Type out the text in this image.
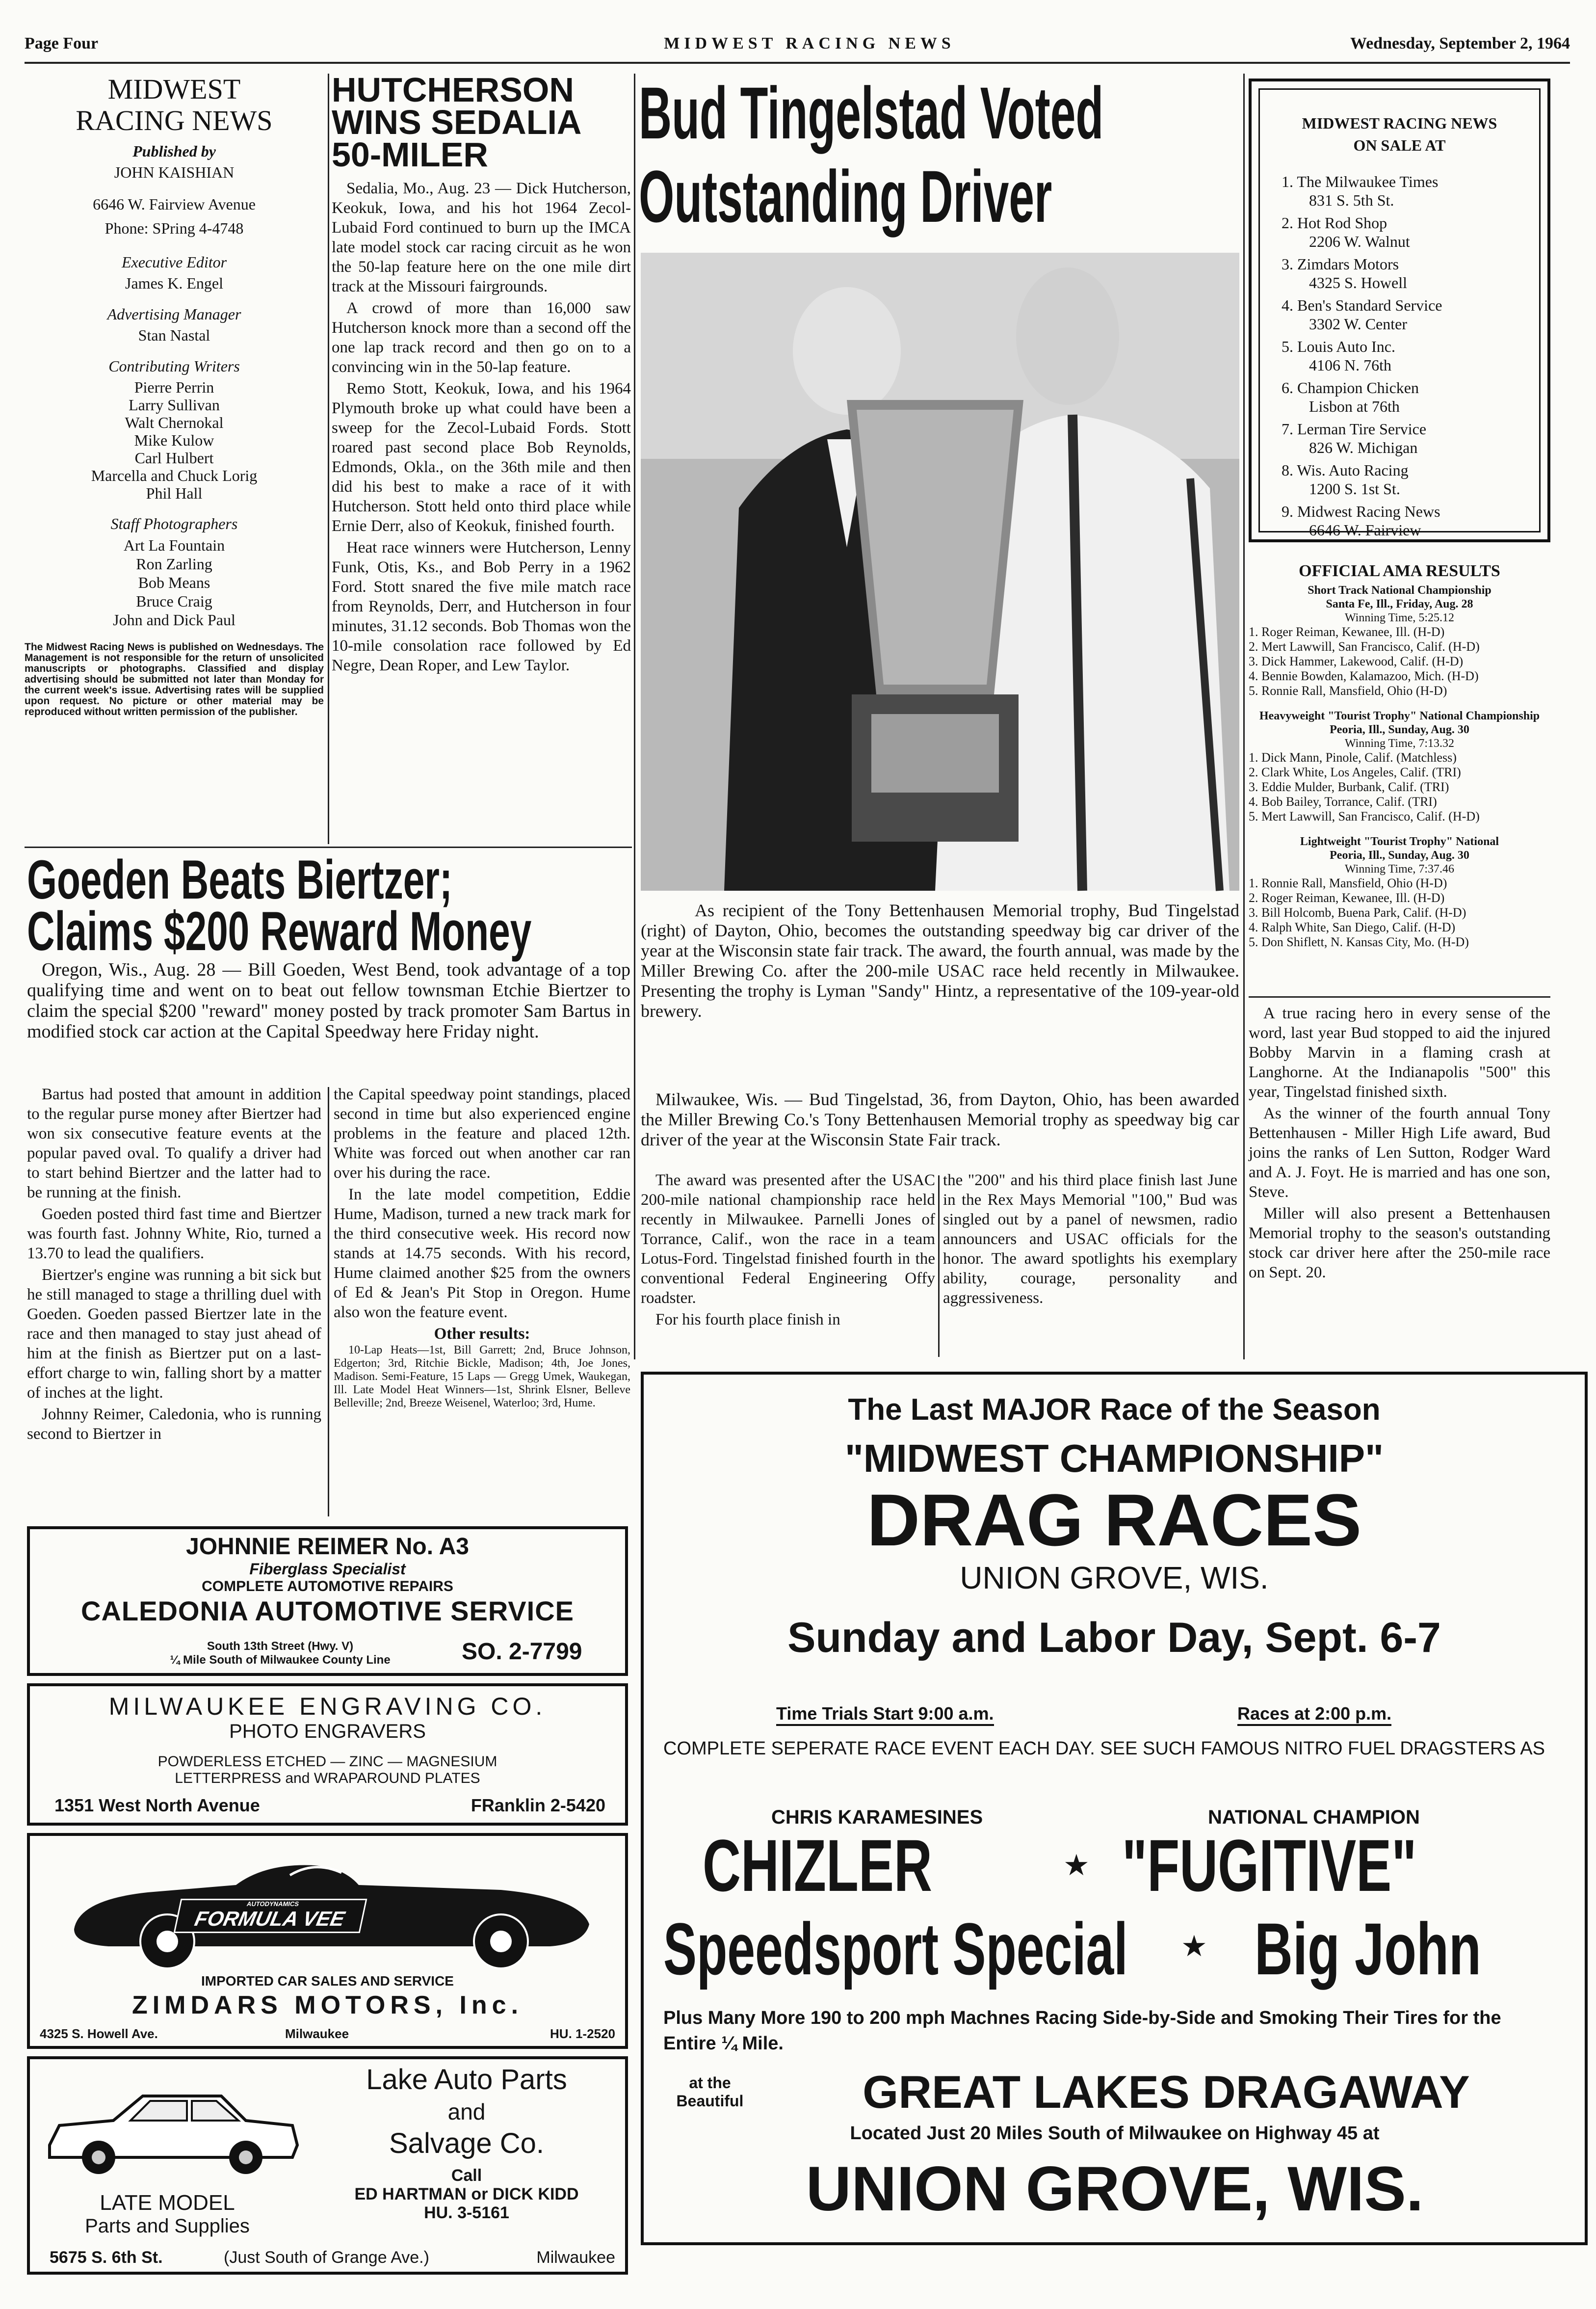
Page Four	MIDWEST RACING NEWS	Wednesday, September 2, 1964
MIDWEST
RACING NEWS
Published by
JOHN KAISHIAN
6646 W. Fairview Avenue
Phone: SPring 4-4748
Executive Editor
James K. Engel
Advertising Manager
Stan Nastal
Contributing Writers
Pierre Perrin
Larry Sullivan
Walt Chernokal
Mike Kulow
Carl Hulbert
Marcella and Chuck Lorig
Phil Hall
Staff Photographers
Art La Fountain
Ron Zarling
Bob Means
Bruce Craig
John and Dick Paul
The Midwest Racing News is published on Wednesdays. The Management is not responsible for the return of unsolicited manuscripts or photographs. Classified and display advertising should be submitted not later than Monday for the current week's issue. Advertising rates will be supplied upon request. No picture or other material may be reproduced without written permission of the publisher.
HUTCHERSON
WINS SEDALIA
50-MILER

Sedalia, Mo., Aug. 23 — Dick Hutcherson, Keokuk, Iowa, and his hot 1964 Zecol-Lubaid Ford continued to burn up the IMCA late model stock car racing circuit as he won the 50-lap feature here on the one mile dirt track at the Missouri fairgrounds.

A crowd of more than 16,000 saw Hutcherson knock more than a second off the one lap track record and then go on to a convincing win in the 50-lap feature.

Remo Stott, Keokuk, Iowa, and his 1964 Plymouth broke up what could have been a sweep for the Zecol-Lubaid Fords. Stott roared past second place Bob Reynolds, Edmonds, Okla., on the 36th mile and then did his best to make a race of it with Hutcherson. Stott held onto third place while Ernie Derr, also of Keokuk, finished fourth.

Heat race winners were Hutcherson, Lenny Funk, Otis, Ks., and Bob Perry in a 1962 Ford. Stott snared the five mile match race from Reynolds, Derr, and Hutcherson in four minutes, 31.12 seconds. Bob Thomas won the 10-mile consolation race followed by Ed Negre, Dean Roper, and Lew Taylor.

Bud Tingelstad Voted
Outstanding Driver

As recipient of the Tony Bettenhausen Memorial trophy, Bud Tingelstad (right) of Dayton, Ohio, becomes the outstanding speedway big car driver of the year at the Wisconsin state fair track. The award, the fourth annual, was made by the Miller Brewing Co. after the 200-mile USAC race held recently in Milwaukee. Presenting the trophy is Lyman "Sandy" Hintz, a representative of the 109-year-old brewery.

Milwaukee, Wis. — Bud Tingelstad, 36, from Dayton, Ohio, has been awarded the Miller Brewing Co.'s Tony Bettenhausen Memorial trophy as speedway big car driver of the year at the Wisconsin State Fair track.

The award was presented after the USAC 200-mile national championship race held recently in Milwaukee. Parnelli Jones of Torrance, Calif., won the race in a team Lotus-Ford. Tingelstad finished fourth in the conventional Federal Engineering Offy roadster.

For his fourth place finish in

the "200" and his third place finish last June in the Rex Mays Memorial "100," Bud was singled out by a panel of newsmen, radio announcers and USAC officials for the honor. The award spotlights his exemplary ability, courage, personality and aggressiveness.

MIDWEST RACING NEWS
ON SALE AT
1. The Milwaukee Times
831 S. 5th St.
2. Hot Rod Shop
2206 W. Walnut
3. Zimdars Motors
4325 S. Howell
4. Ben's Standard Service
3302 W. Center
5. Louis Auto Inc.
4106 N. 76th
6. Champion Chicken
Lisbon at 76th
7. Lerman Tire Service
826 W. Michigan
8. Wis. Auto Racing
1200 S. 1st St.
9. Midwest Racing News
6646 W. Fairview
OFFICIAL AMA RESULTS
Short Track National Championship
Santa Fe, Ill., Friday, Aug. 28
Winning Time, 5:25.12
1. Roger Reiman, Kewanee, Ill. (H-D)
2. Mert Lawwill, San Francisco, Calif. (H-D)
3. Dick Hammer, Lakewood, Calif. (H-D)
4. Bennie Bowden, Kalamazoo, Mich. (H-D)
5. Ronnie Rall, Mansfield, Ohio (H-D)
Heavyweight "Tourist Trophy" National Championship
Peoria, Ill., Sunday, Aug. 30
Winning Time, 7:13.32
1. Dick Mann, Pinole, Calif. (Matchless)
2. Clark White, Los Angeles, Calif. (TRI)
3. Eddie Mulder, Burbank, Calif. (TRI)
4. Bob Bailey, Torrance, Calif. (TRI)
5. Mert Lawwill, San Francisco, Calif. (H-D)
Lightweight "Tourist Trophy" National
Peoria, Ill., Sunday, Aug. 30
Winning Time, 7:37.46
1. Ronnie Rall, Mansfield, Ohio (H-D)
2. Roger Reiman, Kewanee, Ill. (H-D)
3. Bill Holcomb, Buena Park, Calif. (H-D)
4. Ralph White, San Diego, Calif. (H-D)
5. Don Shiflett, N. Kansas City, Mo. (H-D)

A true racing hero in every sense of the word, last year Bud stopped to aid the injured Bobby Marvin in a flaming crash at Langhorne. At the Indianapolis "500" this year, Tingelstad finished sixth.

As the winner of the fourth annual Tony Bettenhausen - Miller High Life award, Bud joins the ranks of Len Sutton, Rodger Ward and A. J. Foyt. He is married and has one son, Steve.

Miller will also present a Bettenhausen Memorial trophy to the season's outstanding stock car driver here after the 250-mile race on Sept. 20.

Goeden Beats Biertzer;
Claims $200 Reward Money

Oregon, Wis., Aug. 28 — Bill Goeden, West Bend, took advantage of a top qualifying time and went on to beat out fellow townsman Etchie Biertzer to claim the special $200 "reward" money posted by track promoter Sam Bartus in modified stock car action at the Capital Speedway here Friday night.

Bartus had posted that amount in addition to the regular purse money after Biertzer had won six consecutive feature events at the popular paved oval. To qualify a driver had to start behind Biertzer and the latter had to be running at the finish.

Goeden posted third fast time and Biertzer was fourth fast. Johnny White, Rio, turned a 13.70 to lead the qualifiers.

Biertzer's engine was running a bit sick but he still managed to stage a thrilling duel with Goeden. Goeden passed Biertzer late in the race and then managed to stay just ahead of him at the finish as Biertzer put on a last-effort charge to win, falling short by a matter of inches at the light.

Johnny Reimer, Caledonia, who is running second to Biertzer in

the Capital speedway point standings, placed second in time but also experienced engine problems in the feature and placed 12th. White was forced out when another car ran over his during the race.

In the late model competition, Eddie Hume, Madison, turned a new track mark for the third consecutive week. His record now stands at 14.75 seconds. With his record, Hume claimed another $25 from the owners of Ed & Jean's Pit Stop in Oregon. Hume also won the feature event.

Other results:
10-Lap Heats—1st, Bill Garrett; 2nd, Bruce Johnson, Edgerton; 3rd, Ritchie Bickle, Madison; 4th, Joe Jones, Madison. Semi-Feature, 15 Laps — Gregg Umek, Waukegan, Ill. Late Model Heat Winners—1st, Shrink Elsner, Belleve Belleville; 2nd, Breeze Weisenel, Waterloo; 3rd, Hume.
JOHNNIE REIMER No. A3
Fiberglass Specialist
COMPLETE AUTOMOTIVE REPAIRS
CALEDONIA AUTOMOTIVE SERVICE
South 13th Street (Hwy. V)
¼ Mile South of Milwaukee County Line	SO. 2-7799
MILWAUKEE ENGRAVING CO.
PHOTO ENGRAVERS
POWDERLESS ETCHED — ZINC — MAGNESIUM
LETTERPRESS and WRAPAROUND PLATES
1351 West North Avenue	FRanklin 2-5420
AUTODYNAMICS
FORMULA VEE
IMPORTED CAR SALES AND SERVICE
ZIMDARS MOTORS, Inc.
4325 S. Howell Ave.	Milwaukee	HU. 1-2520
Lake Auto Parts
and
Salvage Co.
Call
ED HARTMAN or DICK KIDD
HU. 3-5161
LATE MODEL
Parts and Supplies
5675 S. 6th St.	(Just South of Grange Ave.)	Milwaukee
The Last MAJOR Race of the Season
"MIDWEST CHAMPIONSHIP"
DRAG RACES
UNION GROVE, WIS.
Sunday and Labor Day, Sept. 6-7
Time Trials Start 9:00 a.m.	Races at 2:00 p.m.
COMPLETE SEPERATE RACE EVENT EACH DAY. SEE SUCH FAMOUS NITRO FUEL DRAGSTERS AS
CHRIS KARAMESINES	NATIONAL CHAMPION
CHIZLER	★ "FUGITIVE"
Speedsport Special ★ Big John
Plus Many More 190 to 200 mph Machnes Racing Side-by-Side and Smoking Their Tires for the Entire ¼ Mile.
at the
Beautiful	GREAT LAKES DRAGAWAY
Located Just 20 Miles South of Milwaukee on Highway 45 at
UNION GROVE, WIS.
